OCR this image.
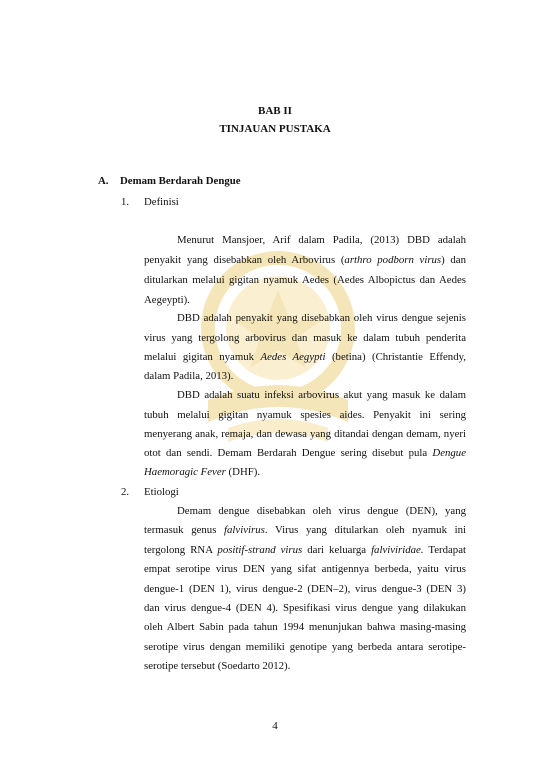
BAB II
TINJAUAN PUSTAKA
A. Demam Berdarah Dengue
1. Definisi
Menurut Mansjoer, Arif dalam Padila, (2013) DBD adalah
penyakit yang disebabkan oleh Arbovirus (arthro podborn virus) dan
ditularkan melalui gigitan nyamuk Aedes (Aedes Albopictus dan Aedes
Aegeypti).
DBD adalah penyakit yang disebabkan oleh virus dengue sejenis
virus yang tergolong arbovirus dan masuk ke dalam tubuh penderita
melalui gigitan nyamuk Aedes Aegypti (betina) (Christantie Effendy,
dalam Padila, 2013).
DBD adalah suatu infeksi arbovirus akut yang masuk ke dalam
tubuh melalui gigitan nyamuk spesies aides. Penyakit ini sering
menyerang anak, remaja, dan dewasa yang ditandai dengan demam, nyeri
otot dan sendi. Demam Berdarah Dengue sering disebut pula Dengue
Haemoragic Fever (DHF).
2. Etiologi
Demam dengue disebabkan oleh virus dengue (DEN), yang
termasuk genus falvivirus. Virus yang ditularkan oleh nyamuk ini
tergolong RNA positif-strand virus dari keluarga falviviridae. Terdapat
empat serotipe virus DEN yang sifat antigennya berbeda, yaitu virus
dengue-1 (DEN 1), virus dengue-2 (DEN–2), virus dengue-3 (DEN 3)
dan virus dengue-4 (DEN 4). Spesifikasi virus dengue yang dilakukan
oleh Albert Sabin pada tahun 1994 menunjukan bahwa masing-masing
serotipe virus dengan memiliki genotipe yang berbeda antara serotipe-
serotipe tersebut (Soedarto 2012).
4
